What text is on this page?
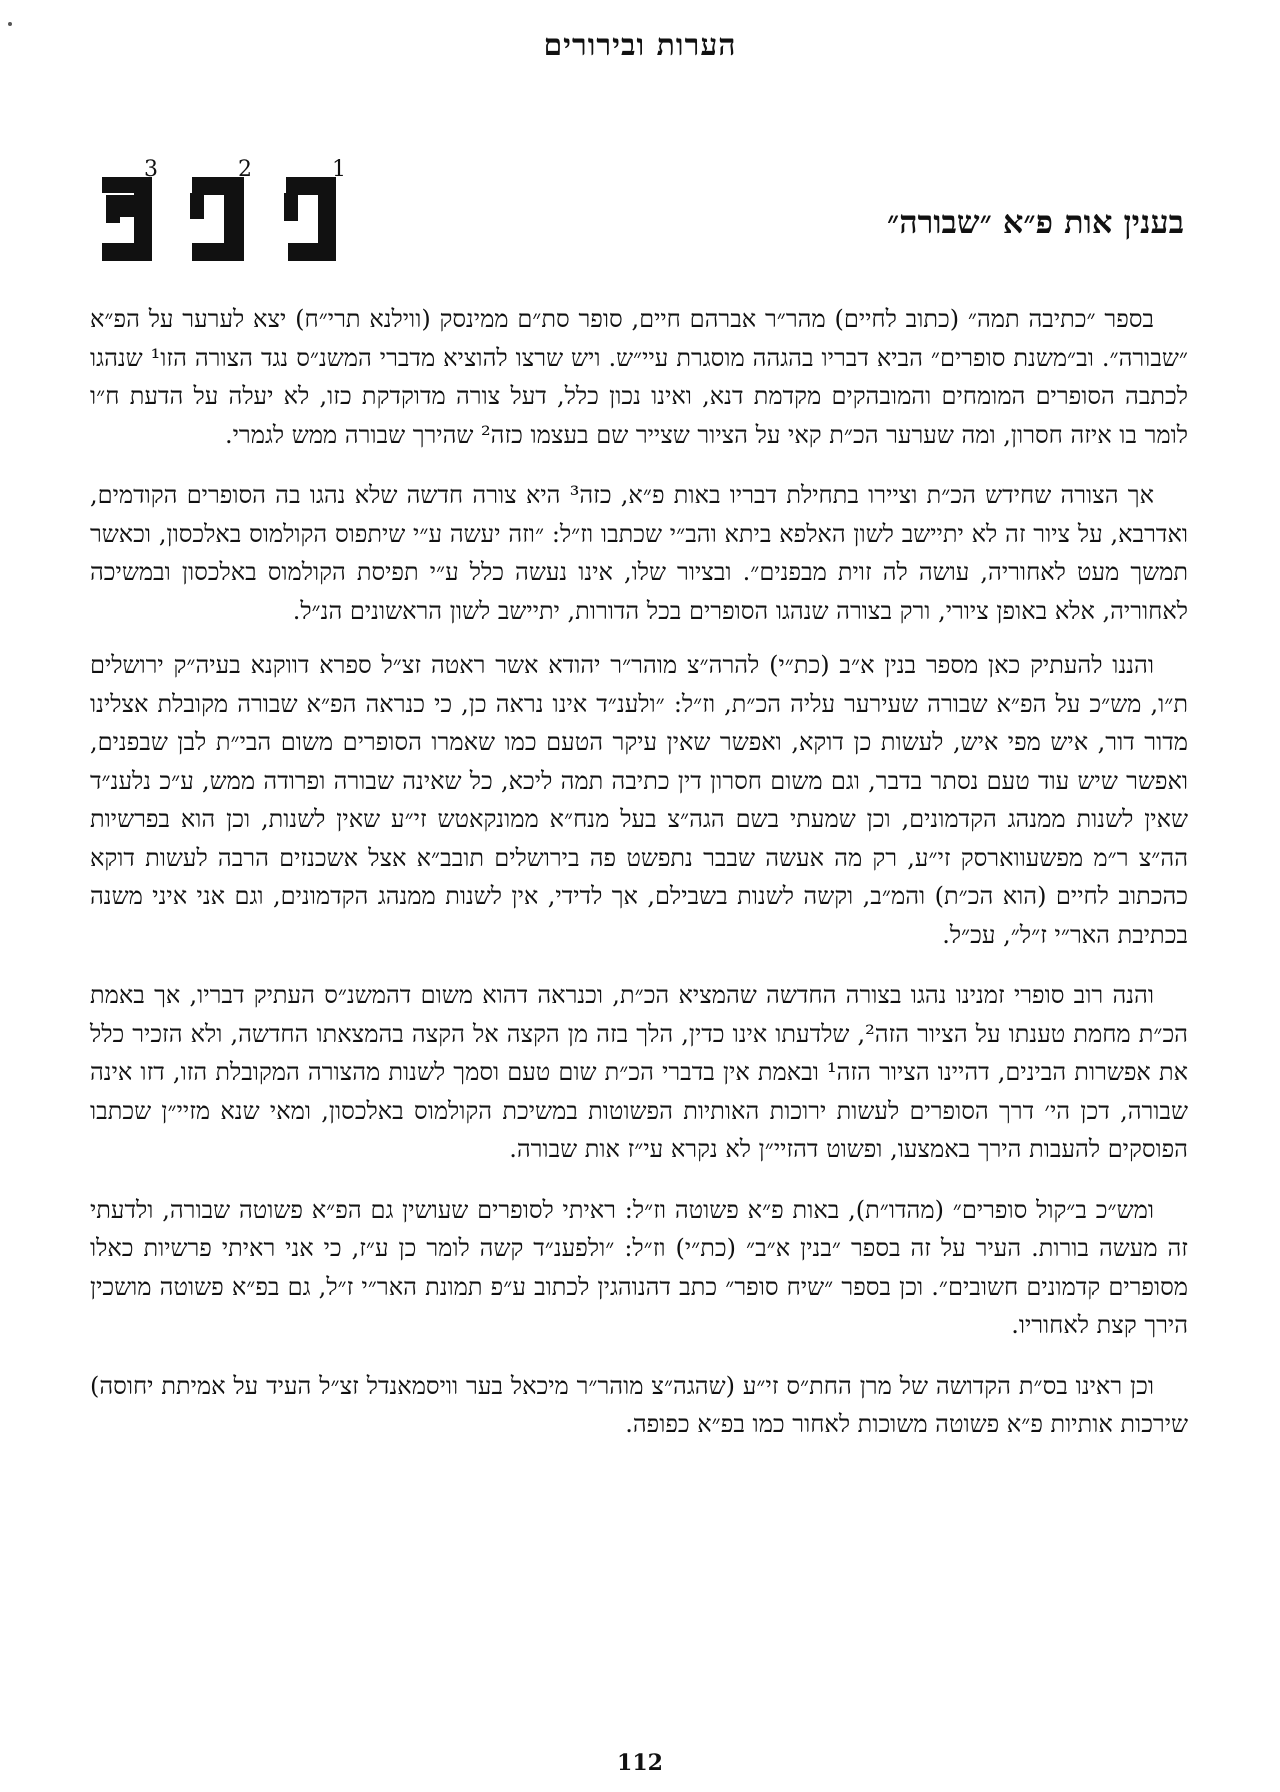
הערות ובירורים
בענין אות פ״א ״שבורה״
3	2	1

בספר ״כתיבה תמה״ (כתוב לחיים) מהר״ר אברהם חיים, סופר סת״ם ממינסק (ווילנא תרי״ח) יצא לערער על הפ״א ״שבורה״. וב״משנת סופרים״ הביא דבריו בהגהה מוסגרת עיי״ש. ויש שרצו להוציא מדברי המשנ״ס נגד הצורה הזו¹ שנהגו לכתבה הסופרים המומחים והמובהקים מקדמת דנא, ואינו נכון כלל, דעל צורה מדוקדקת כזו, לא יעלה על הדעת ח״ו לומר בו איזה חסרון, ומה שערער הכ״ת קאי על הציור שצייר שם בעצמו כזה² שהירך שבורה ממש לגמרי.

אך הצורה שחידש הכ״ת וציירו בתחילת דבריו באות פ״א, כזה³ היא צורה חדשה שלא נהגו בה הסופרים הקודמים, ואדרבא, על ציור זה לא יתיישב לשון האלפא ביתא והב״י שכתבו וז״ל: ״וזה יעשה ע״י שיתפוס הקולמוס באלכסון, וכאשר תמשך מעט לאחוריה, עושה לה זוית מבפנים״. ובציור שלו, אינו נעשה כלל ע״י תפיסת הקולמוס באלכסון ובמשיכה לאחוריה, אלא באופן ציורי, ורק בצורה שנהגו הסופרים בכל הדורות, יתיישב לשון הראשונים הנ״ל.

והננו להעתיק כאן מספר בנין א״ב (כת״י) להרה״צ מוהר״ר יהודא אשר ראטה זצ״ל ספרא דווקנא בעיה״ק ירושלים ת״ו, מש״כ על הפ״א שבורה שעירער עליה הכ״ת, וז״ל: ״ולענ״ד אינו נראה כן, כי כנראה הפ״א שבורה מקובלת אצלינו מדור דור, איש מפי איש, לעשות כן דוקא, ואפשר שאין עיקר הטעם כמו שאמרו הסופרים משום הבי״ת לבן שבפנים, ואפשר שיש עוד טעם נסתר בדבר, וגם משום חסרון דין כתיבה תמה ליכא, כל שאינה שבורה ופרודה ממש, ע״כ נלענ״ד שאין לשנות ממנהג הקדמונים, וכן שמעתי בשם הגה״צ בעל מנח״א ממונקאטש זי״ע שאין לשנות, וכן הוא בפרשיות הה״צ ר״מ מפשעווארסק זי״ע, רק מה אעשה שבבר נתפשט פה בירושלים תובב״א אצל אשכנזים הרבה לעשות דוקא כהכתוב לחיים (הוא הכ״ת) והמ״ב, וקשה לשנות בשבילם, אך לדידי, אין לשנות ממנהג הקדמונים, וגם אני איני משנה בכתיבת האר״י ז״ל״, עכ״ל.

והנה רוב סופרי זמנינו נהגו בצורה החדשה שהמציא הכ״ת, וכנראה דהוא משום דהמשנ״ס העתיק דבריו, אך באמת הכ״ת מחמת טענתו על הציור הזה², שלדעתו אינו כדין, הלך בזה מן הקצה אל הקצה בהמצאתו החדשה, ולא הזכיר כלל את אפשרות הבינים, דהיינו הציור הזה¹ ובאמת אין בדברי הכ״ת שום טעם וסמך לשנות מהצורה המקובלת הזו, דזו אינה שבורה, דכן הי׳ דרך הסופרים לעשות ירוכות האותיות הפשוטות במשיכת הקולמוס באלכסון, ומאי שנא מזיי״ן שכתבו הפוסקים להעבות הירך באמצעו, ופשוט דהזיי״ן לא נקרא עי״ז אות שבורה.

ומש״כ ב״קול סופרים״ (מהדו״ת), באות פ״א פשוטה וז״ל: ראיתי לסופרים שעושין גם הפ״א פשוטה שבורה, ולדעתי זה מעשה בורות. העיר על זה בספר ״בנין א״ב״ (כת״י) וז״ל: ״ולפענ״ד קשה לומר כן ע״ז, כי אני ראיתי פרשיות כאלו מסופרים קדמונים חשובים״. וכן בספר ״שיח סופר״ כתב דהנוהגין לכתוב ע״פ תמונת האר״י ז״ל, גם בפ״א פשוטה מושכין הירך קצת לאחוריו.

וכן ראינו בס״ת הקדושה של מרן החת״ס זי״ע (שהגה״צ מוהר״ר מיכאל בער וויסמאנדל זצ״ל העיד על אמיתת יחוסה) שירכות אותיות פ״א פשוטה משוכות לאחור כמו בפ״א כפופה.

112
